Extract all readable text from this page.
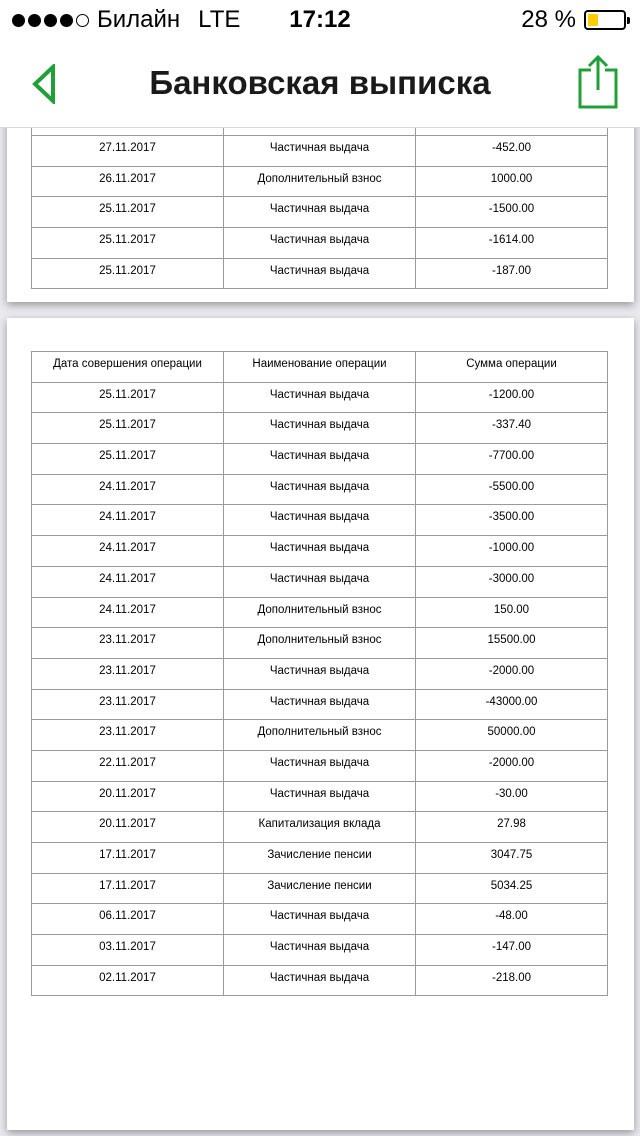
Билайн LTE	17:12	28 %
Банковская выписка

27.11.2017	Частичная выдача	-452.00
26.11.2017	Дополнительный взнос	1000.00
25.11.2017	Частичная выдача	-1500.00
25.11.2017	Частичная выдача	-1614.00
25.11.2017	Частичная выдача	-187.00
Дата совершения операции	Наименование операции	Сумма операции
25.11.2017	Частичная выдача	-1200.00
25.11.2017	Частичная выдача	-337.40
25.11.2017	Частичная выдача	-7700.00
24.11.2017	Частичная выдача	-5500.00
24.11.2017	Частичная выдача	-3500.00
24.11.2017	Частичная выдача	-1000.00
24.11.2017	Частичная выдача	-3000.00
24.11.2017	Дополнительный взнос	150.00
23.11.2017	Дополнительный взнос	15500.00
23.11.2017	Частичная выдача	-2000.00
23.11.2017	Частичная выдача	-43000.00
23.11.2017	Дополнительный взнос	50000.00
22.11.2017	Частичная выдача	-2000.00
20.11.2017	Частичная выдача	-30.00
20.11.2017	Капитализация вклада	27.98
17.11.2017	Зачисление пенсии	3047.75
17.11.2017	Зачисление пенсии	5034.25
06.11.2017	Частичная выдача	-48.00
03.11.2017	Частичная выдача	-147.00
02.11.2017	Частичная выдача	-218.00
